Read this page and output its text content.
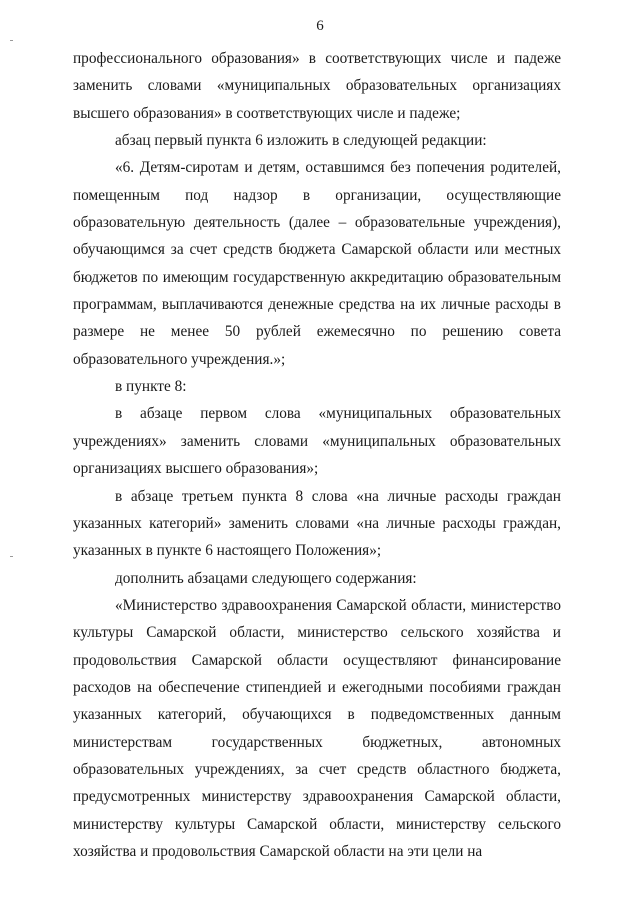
6

профессионального образования» в соответствующих числе и падеже заменить словами «муниципальных образовательных организациях высшего образования» в соответствующих числе и падеже;

абзац первый пункта 6 изложить в следующей редакции:

«6. Детям-сиротам и детям, оставшимся без попечения родителей, помещенным под надзор в организации, осуществляющие образовательную деятельность (далее – образовательные учреждения), обучающимся за счет средств бюджета Самарской области или местных бюджетов по имеющим государственную аккредитацию образовательным программам, выплачиваются денежные средства на их личные расходы в размере не менее 50 рублей ежемесячно по решению совета образовательного учреждения.»;

в пункте 8:

в абзаце первом слова «муниципальных образовательных учреждениях» заменить словами «муниципальных образовательных организациях высшего образования»;

в абзаце третьем пункта 8 слова «на личные расходы граждан указанных категорий» заменить словами «на личные расходы граждан, указанных в пункте 6 настоящего Положения»;

дополнить абзацами следующего содержания:

«Министерство здравоохранения Самарской области, министерство культуры Самарской области, министерство сельского хозяйства и продовольствия Самарской области осуществляют финансирование расходов на обеспечение стипендией и ежегодными пособиями граждан указанных категорий, обучающихся в подведомственных данным министерствам государственных бюджетных, автономных образовательных учреждениях, за счет средств областного бюджета, предусмотренных министерству здравоохранения Самарской области, министерству культуры Самарской области, министерству сельского хозяйства и продовольствия Самарской области на эти цели на
